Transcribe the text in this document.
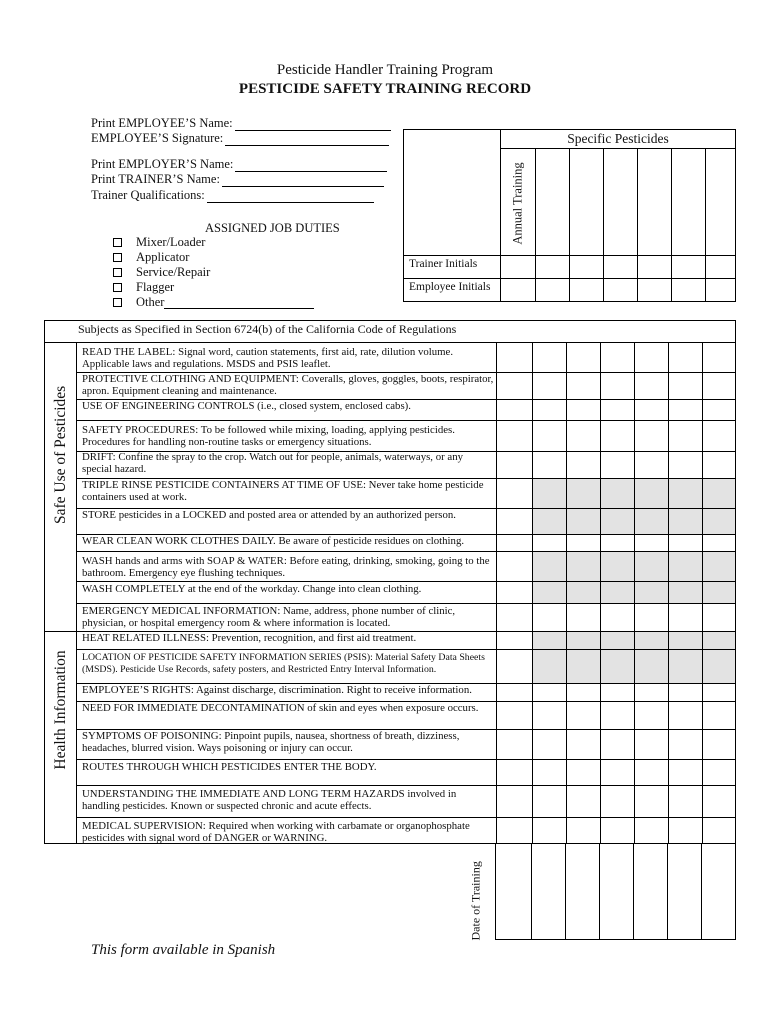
Pesticide Handler Training Program
PESTICIDE SAFETY TRAINING RECORD
Print EMPLOYEE’S Name:
EMPLOYEE’S Signature:
Print EMPLOYER’S Name:
Print TRAINER’S Name:
Trainer Qualifications:
ASSIGNED JOB DUTIES
Mixer/Loader
Applicator
Service/Repair
Flagger
Other
Specific Pesticides
Annual Training
Trainer Initials
Employee Initials
Subjects as Specified in Section 6724(b) of the California Code of Regulations
Safe Use of Pesticides
Health Information
READ THE LABEL: Signal word, caution statements, first aid, rate, dilution volume. Applicable laws and regulations. MSDS and PSIS leaflet.
PROTECTIVE CLOTHING AND EQUIPMENT: Coveralls, gloves, goggles, boots, respirator, apron. Equipment cleaning and maintenance.
USE OF ENGINEERING CONTROLS (i.e., closed system, enclosed cabs).
SAFETY PROCEDURES: To be followed while mixing, loading, applying pesticides. Procedures for handling non-routine tasks or emergency situations.
DRIFT: Confine the spray to the crop. Watch out for people, animals, waterways, or any special hazard.
TRIPLE RINSE PESTICIDE CONTAINERS AT TIME OF USE: Never take home pesticide containers used at work.
STORE pesticides in a LOCKED and posted area or attended by an authorized person.
WEAR CLEAN WORK CLOTHES DAILY. Be aware of pesticide residues on clothing.
WASH hands and arms with SOAP & WATER: Before eating, drinking, smoking, going to the bathroom. Emergency eye flushing techniques.
WASH COMPLETELY at the end of the workday. Change into clean clothing.
EMERGENCY MEDICAL INFORMATION: Name, address, phone number of clinic, physician, or hospital emergency room & where information is located.
HEAT RELATED ILLNESS: Prevention, recognition, and first aid treatment.
LOCATION OF PESTICIDE SAFETY INFORMATION SERIES (PSIS): Material Safety Data Sheets (MSDS). Pesticide Use Records, safety posters, and Restricted Entry Interval Information.
EMPLOYEE’S RIGHTS: Against discharge, discrimination. Right to receive information.
NEED FOR IMMEDIATE DECONTAMINATION of skin and eyes when exposure occurs.
SYMPTOMS OF POISONING: Pinpoint pupils, nausea, shortness of breath, dizziness, headaches, blurred vision. Ways poisoning or injury can occur.
ROUTES THROUGH WHICH PESTICIDES ENTER THE BODY.
UNDERSTANDING THE IMMEDIATE AND LONG TERM HAZARDS involved in handling pesticides. Known or suspected chronic and acute effects.
MEDICAL SUPERVISION: Required when working with carbamate or organophosphate pesticides with signal word of DANGER or WARNING.
Date of Training
This form available in Spanish
